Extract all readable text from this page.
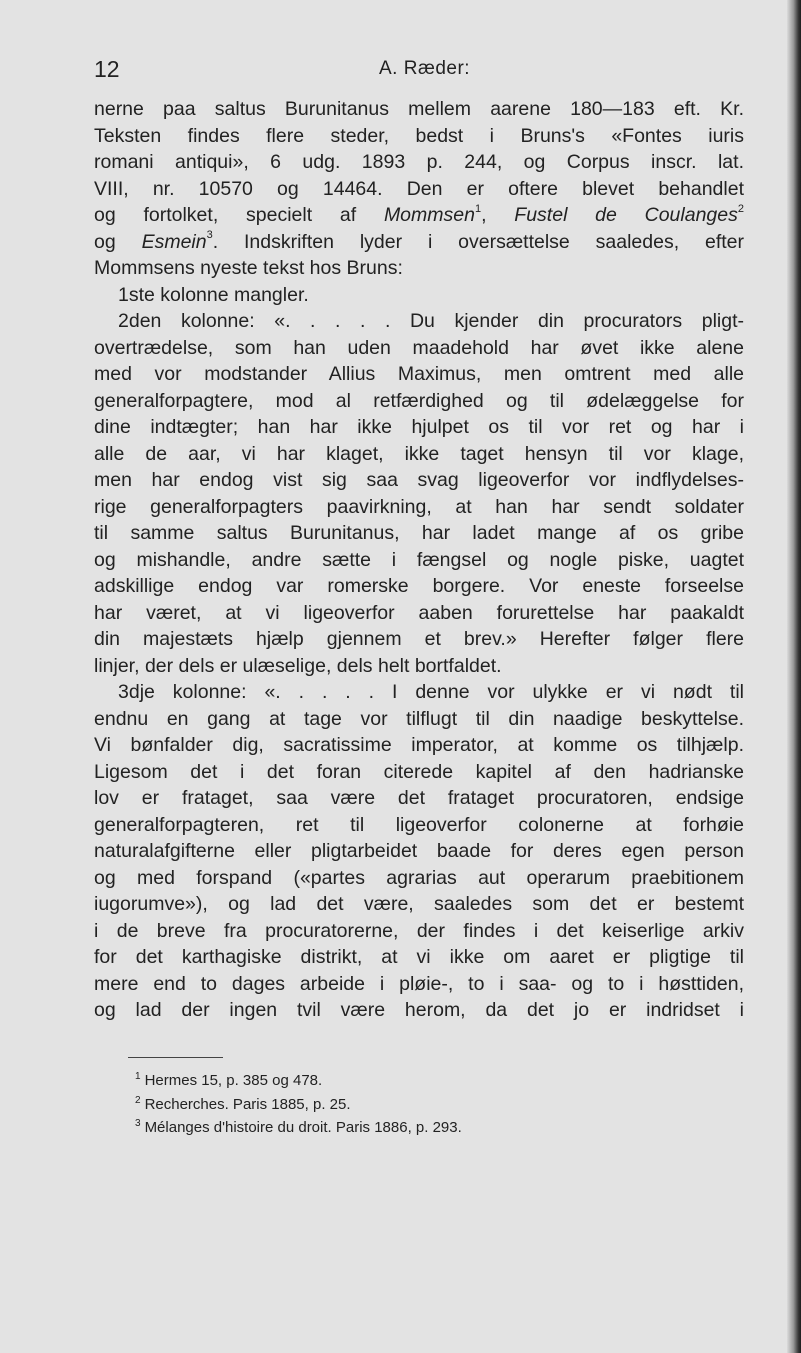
12	A. Ræder:
nerne paa saltus Burunitanus mellem aarene 180—183 eft. Kr.
Teksten findes flere steder, bedst i Bruns's «Fontes iuris
romani antiqui», 6 udg. 1893 p. 244, og Corpus inscr. lat.
VIII, nr. 10570 og 14464. Den er oftere blevet behandlet
og fortolket, specielt af Mommsen$^1$, Fustel de Coulanges$^2$
og Esmein$^3$. Indskriften lyder i oversættelse saaledes, efter
Mommsens nyeste tekst hos Bruns:
1ste kolonne mangler.
2den kolonne: «. . . . . Du kjender din procurators pligt-
overtrædelse, som han uden maadehold har øvet ikke alene
med vor modstander Allius Maximus, men omtrent med alle
generalforpagtere, mod al retfærdighed og til ødelæggelse for
dine indtægter; han har ikke hjulpet os til vor ret og har i
alle de aar, vi har klaget, ikke taget hensyn til vor klage,
men har endog vist sig saa svag ligeoverfor vor indflydelses-
rige generalforpagters paavirkning, at han har sendt soldater
til samme saltus Burunitanus, har ladet mange af os gribe
og mishandle, andre sætte i fængsel og nogle piske, uagtet
adskillige endog var romerske borgere. Vor eneste forseelse
har været, at vi ligeoverfor aaben forurettelse har paakaldt
din majestæts hjælp gjennem et brev.» Herefter følger flere
linjer, der dels er ulæselige, dels helt bortfaldet.
3dje kolonne: «. . . . . I denne vor ulykke er vi nødt til
endnu en gang at tage vor tilflugt til din naadige beskyttelse.
Vi bønfalder dig, sacratissime imperator, at komme os tilhjælp.
Ligesom det i det foran citerede kapitel af den hadrianske
lov er frataget, saa være det frataget procuratoren, endsige
generalforpagteren, ret til ligeoverfor colonerne at forhøie
naturalafgifterne eller pligtarbeidet baade for deres egen person
og med forspand («partes agrarias aut operarum praebitionem
iugorumve»), og lad det være, saaledes som det er bestemt
i de breve fra procuratorerne, der findes i det keiserlige arkiv
for det karthagiske distrikt, at vi ikke om aaret er pligtige til
mere end to dages arbeide i pløie-, to i saa- og to i høsttiden,
og lad der ingen tvil være herom, da det jo er indridset i
$^1$ Hermes 15, p. 385 og 478.
$^2$ Recherches. Paris 1885, p. 25.
$^3$ Mélanges d'histoire du droit. Paris 1886, p. 293.
